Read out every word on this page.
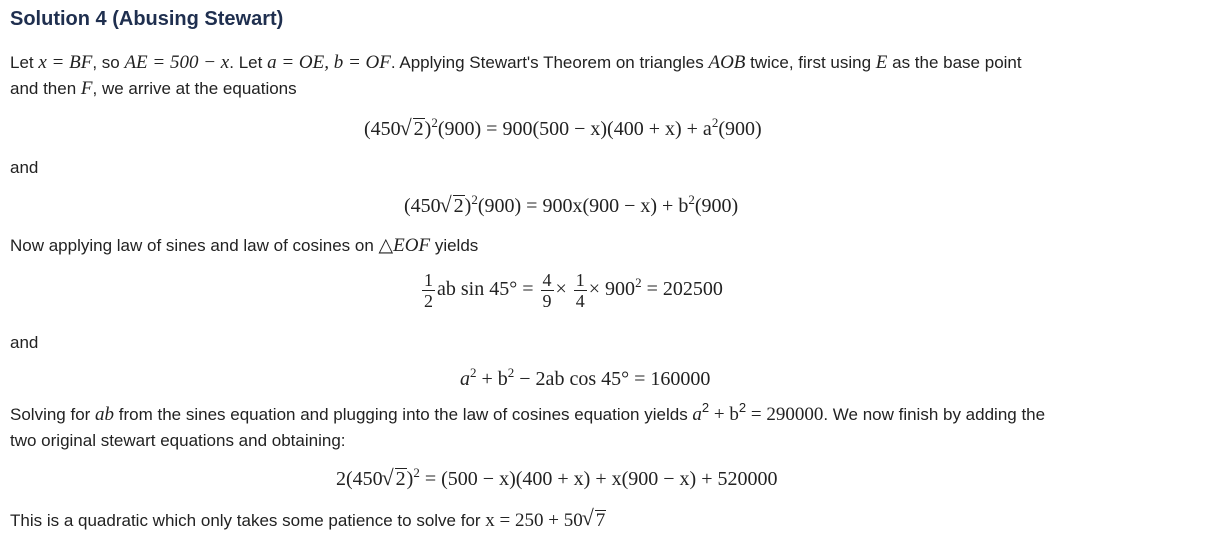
Solution 4 (Abusing Stewart)
Let x = BF, so AE = 500 − x. Let a = OE, b = OF. Applying Stewart's Theorem on triangles AOB twice, first using E as the base point
and then F, we arrive at the equations
(450 √ $2)^2(900) = 900(500 - x)(400 + x) + a^2(900)$
and
(450 √ $2)^2(900) = 900x(900 - x) + b^2(900)$
Now applying law of sines and law of cosines on △EOF yields
$\frac{1}{2}$ ab $\sin 45^\circ = \frac{4}{9} \times \frac{1}{4} \times 900^2 = 202500$
and
$a^2 + b^2 - 2ab$ cos 45° = 160000
Solving for ab from the sines equation and plugging into the law of cosines equation yields $a^2 + b^2 = 290000$. We now finish by adding the
two original stewart equations and obtaining:
2(450 √ 2)$^2$ = (500 − x)(400 + x) + x(900 − x) + 520000
This is a quadratic which only takes some patience to solve for x = 250 + 50 √ 7
